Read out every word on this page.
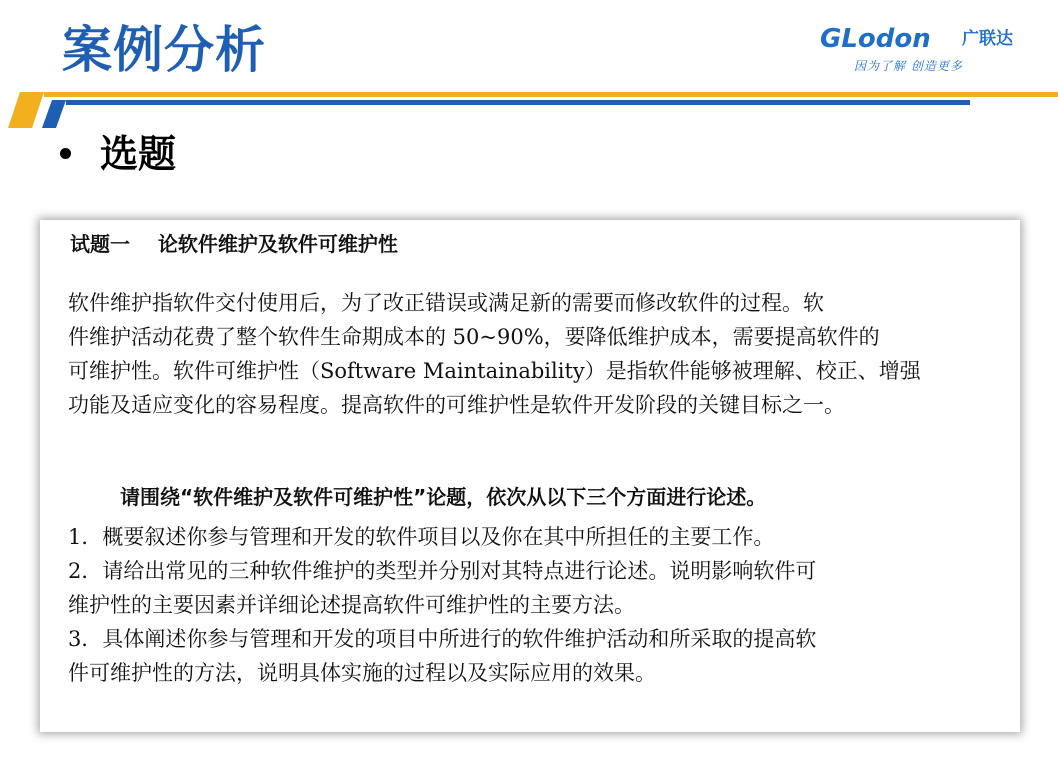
案例分析	GLodon 广联达
因为了解 创造更多
选题
试题一    论软件维护及软件可维护性
软件维护指软件交付使用后，为了改正错误或满足新的需要而修改软件的过程。软
件维护活动花费了整个软件生命期成本的 50~90%，要降低维护成本，需要提高软件的
可维护性。软件可维护性（Software Maintainability）是指软件能够被理解、校正、增强
功能及适应变化的容易程度。提高软件的可维护性是软件开发阶段的关键目标之一。
请围绕“软件维护及软件可维护性”论题，依次从以下三个方面进行论述。
1．概要叙述你参与管理和开发的软件项目以及你在其中所担任的主要工作。
2．请给出常见的三种软件维护的类型并分别对其特点进行论述。说明影响软件可
维护性的主要因素并详细论述提高软件可维护性的主要方法。
3．具体阐述你参与管理和开发的项目中所进行的软件维护活动和所采取的提高软
件可维护性的方法，说明具体实施的过程以及实际应用的效果。
